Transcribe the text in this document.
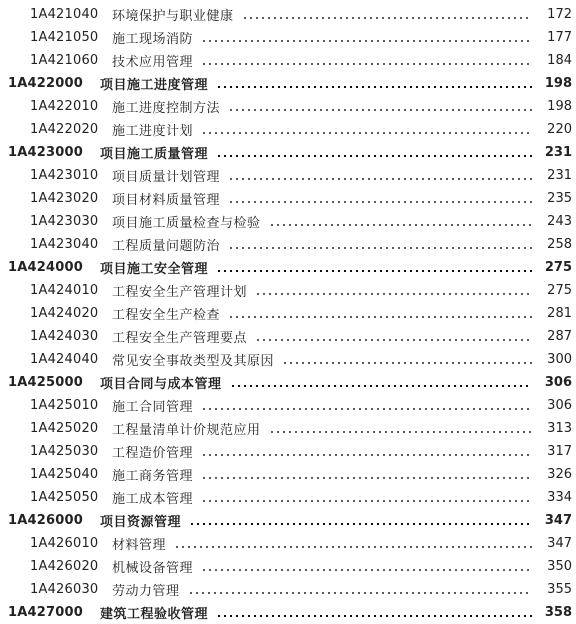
1A421040	环境保护与职业健康	172
1A421050	施工现场消防	177
1A421060	技术应用管理	184
1A422000	项目施工进度管理	198
1A422010	施工进度控制方法	198
1A422020	施工进度计划	220
1A423000	项目施工质量管理	231
1A423010	项目质量计划管理	231
1A423020	项目材料质量管理	235
1A423030	项目施工质量检查与检验	243
1A423040	工程质量问题防治	258
1A424000	项目施工安全管理	275
1A424010	工程安全生产管理计划	275
1A424020	工程安全生产检查	281
1A424030	工程安全生产管理要点	287
1A424040	常见安全事故类型及其原因	300
1A425000	项目合同与成本管理	306
1A425010	施工合同管理	306
1A425020	工程量清单计价规范应用	313
1A425030	工程造价管理	317
1A425040	施工商务管理	326
1A425050	施工成本管理	334
1A426000	项目资源管理	347
1A426010	材料管理	347
1A426020	机械设备管理	350
1A426030	劳动力管理	355
1A427000	建筑工程验收管理	358
